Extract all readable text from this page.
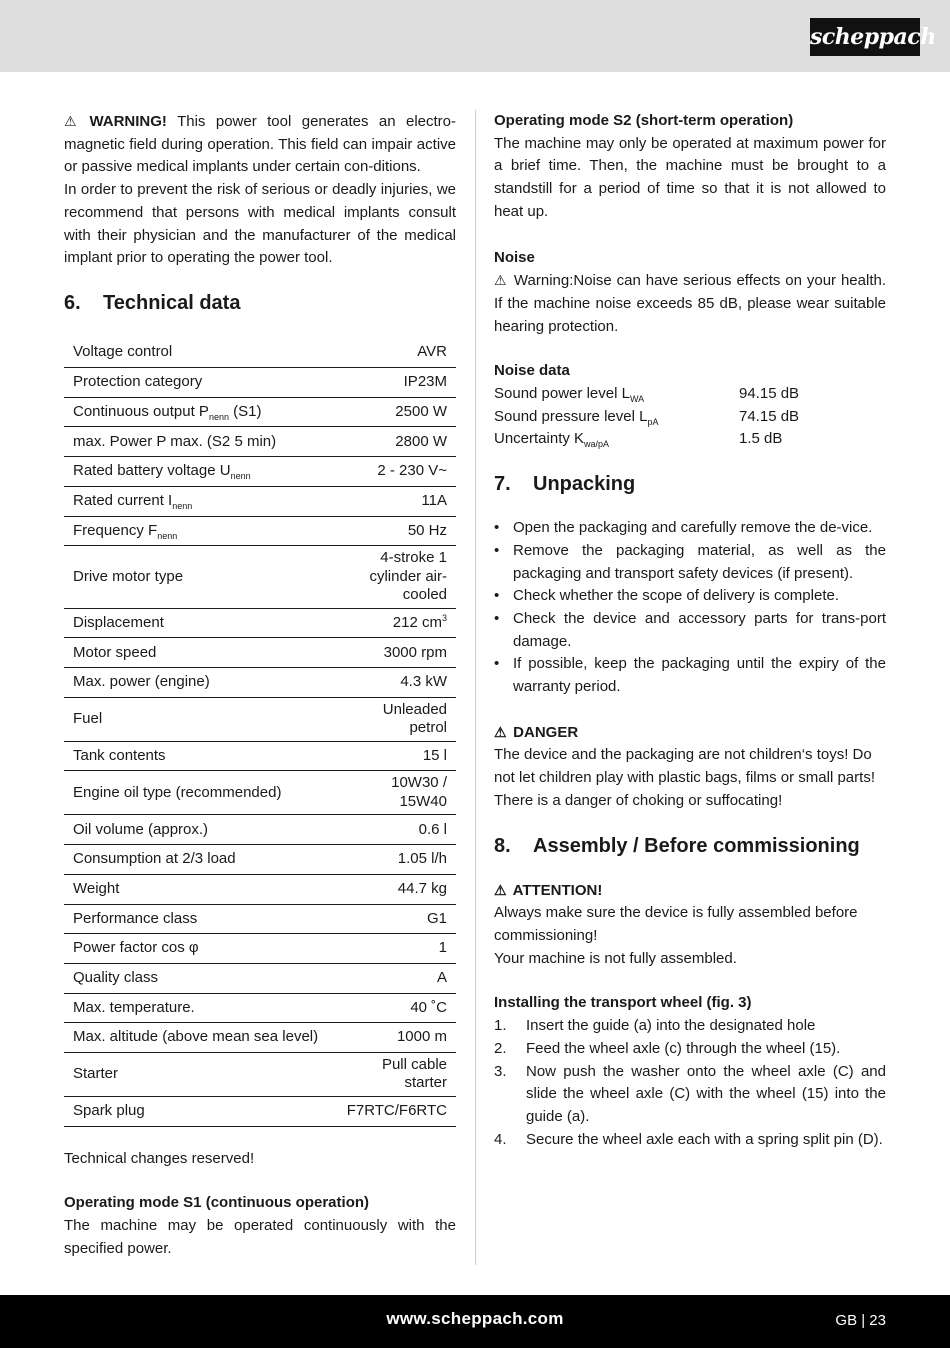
scheppach

⚠ WARNING! This power tool generates an electro-magnetic field during operation. This field can impair active or passive medical implants under certain con-ditions.

In order to prevent the risk of serious or deadly injuries, we recommend that persons with medical implants consult with their physician and the manufacturer of the medical implant prior to operating the power tool.

6.	Technical data
Voltage control	AVR
Protection category	IP23M
Continuous output $P_{nenn}$ (S1)	2500 W
max. Power P max. (S2 5 min)	2800 W
Rated battery voltage $U_{nenn}$	2 - 230 V~
Rated current $I_{nenn}$	11A
Frequency $F_{nenn}$	50 Hz
Drive motor type	4-stroke 1 cylinder air-cooled
Displacement	212 $cm^3$
Motor speed	3000 rpm
Max. power (engine)	4.3 kW
Fuel	Unleaded petrol
Tank contents	15 l
Engine oil type (recommended)	10W30 / 15W40
Oil volume (approx.)	0.6 l
Consumption at 2/3 load	1.05 l/h
Weight	44.7 kg
Performance class	G1
Power factor cos φ	1
Quality class	A
Max. temperature.	40 ˚C
Max. altitude (above mean sea level)	1000 m
Starter	Pull cable starter
Spark plug	F7RTC/F6RTC

Technical changes reserved!

Operating mode S1 (continuous operation)

The machine may be operated continuously with the specified power.

Operating mode S2 (short-term operation)

The machine may only be operated at maximum power for a brief time. Then, the machine must be brought to a standstill for a period of time so that it is not allowed to heat up.

Noise

⚠ Warning:Noise can have serious effects on your health. If the machine noise exceeds 85 dB, please wear suitable hearing protection.

Noise data

Sound power level $L_{WA}$	94.15 dB
Sound pressure level $L_{pA}$	74.15 dB
Uncertainty $K_{wa/pA}$	1.5 dB
7.	Unpacking
• Open the packaging and carefully remove the de-vice.
• Remove the packaging material, as well as the packaging and transport safety devices (if present).
• Check whether the scope of delivery is complete.
• Check the device and accessory parts for trans-port damage.
• If possible, keep the packaging until the expiry of the warranty period.

⚠ DANGER

The device and the packaging are not children‘s toys! Do not let children play with plastic bags, films or small parts! There is a danger of choking or suffocating!

8.	Assembly / Before commissioning

⚠ ATTENTION!

Always make sure the device is fully assembled before commissioning!

Your machine is not fully assembled.

Installing the transport wheel (fig. 3)

1. Insert the guide (a) into the designated hole
2. Feed the wheel axle (c) through the wheel (15).
3. Now push the washer onto the wheel axle (C) and slide the wheel axle (C) with the wheel (15) into the guide (a).
4. Secure the wheel axle each with a spring split pin (D).
www.scheppach.com	GB | 23
